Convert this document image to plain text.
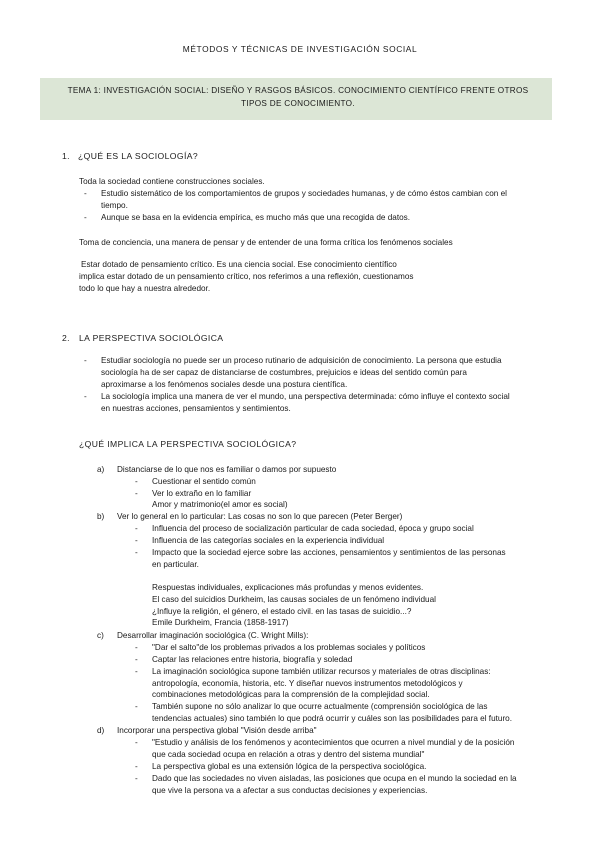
MÉTODOS Y TÉCNICAS DE INVESTIGACIÓN SOCIAL
TEMA 1: INVESTIGACIÓN SOCIAL: DISEÑO Y RASGOS BÁSICOS. CONOCIMIENTO CIENTÍFICO FRENTE OTROS
TIPOS DE CONOCIMIENTO.
1. ¿QUÉ ES LA SOCIOLOGÍA?
Toda la sociedad contiene construcciones sociales.
- Estudio sistemático de los comportamientos de grupos y sociedades humanas, y de cómo éstos cambian con el
tiempo.
- Aunque se basa en la evidencia empírica, es mucho más que una recogida de datos.
Toma de conciencia, una manera de pensar y de entender de una forma crítica los fenómenos sociales
Estar dotado de pensamiento crítico. Es una ciencia social. Ese conocimiento científico
implica estar dotado de un pensamiento crítico, nos referimos a una reflexión, cuestionamos
todo lo que hay a nuestra alrededor.
2. LA PERSPECTIVA SOCIOLÓGICA
- Estudiar sociología no puede ser un proceso rutinario de adquisición de conocimiento. La persona que estudia
sociología ha de ser capaz de distanciarse de costumbres, prejuicios e ideas del sentido común para
aproximarse a los fenómenos sociales desde una postura científica.
- La sociología implica una manera de ver el mundo, una perspectiva determinada: cómo influye el contexto social
en nuestras acciones, pensamientos y sentimientos.
¿QUÉ IMPLICA LA PERSPECTIVA SOCIOLÓGICA?
a) Distanciarse de lo que nos es familiar o damos por supuesto
- Cuestionar el sentido común
- Ver lo extraño en lo familiar
Amor y matrimonio(el amor es social)
b) Ver lo general en lo particular: Las cosas no son lo que parecen (Peter Berger)
- Influencia del proceso de socialización particular de cada sociedad, época y grupo social
- Influencia de las categorías sociales en la experiencia individual
- Impacto que la sociedad ejerce sobre las acciones, pensamientos y sentimientos de las personas
en particular.
Respuestas individuales, explicaciones más profundas y menos evidentes.
El caso del suicidios Durkheim, las causas sociales de un fenómeno individual
¿Influye la religión, el género, el estado civil. en las tasas de suicidio...?
Emile Durkheim, Francia (1858-1917)
c) Desarrollar imaginación sociológica (C. Wright Mills):
- "Dar el salto"de los problemas privados a los problemas sociales y políticos
- Captar las relaciones entre historia, biografía y soledad
- La imaginación sociológica supone también utilizar recursos y materiales de otras disciplinas:
antropología, economía, historia, etc. Y diseñar nuevos instrumentos metodológicos y
combinaciones metodológicas para la comprensión de la complejidad social.
- También supone no sólo analizar lo que ocurre actualmente (comprensión sociológica de las
tendencias actuales) sino también lo que podrá ocurrir y cuáles son las posibilidades para el futuro.
d) Incorporar una perspectiva global "Visión desde arriba"
- "Estudio y análisis de los fenómenos y acontecimientos que ocurren a nivel mundial y de la posición
que cada sociedad ocupa en relación a otras y dentro del sistema mundial"
- La perspectiva global es una extensión lógica de la perspectiva sociológica.
- Dado que las sociedades no viven aisladas, las posiciones que ocupa en el mundo la sociedad en la
que vive la persona va a afectar a sus conductas decisiones y experiencias.
